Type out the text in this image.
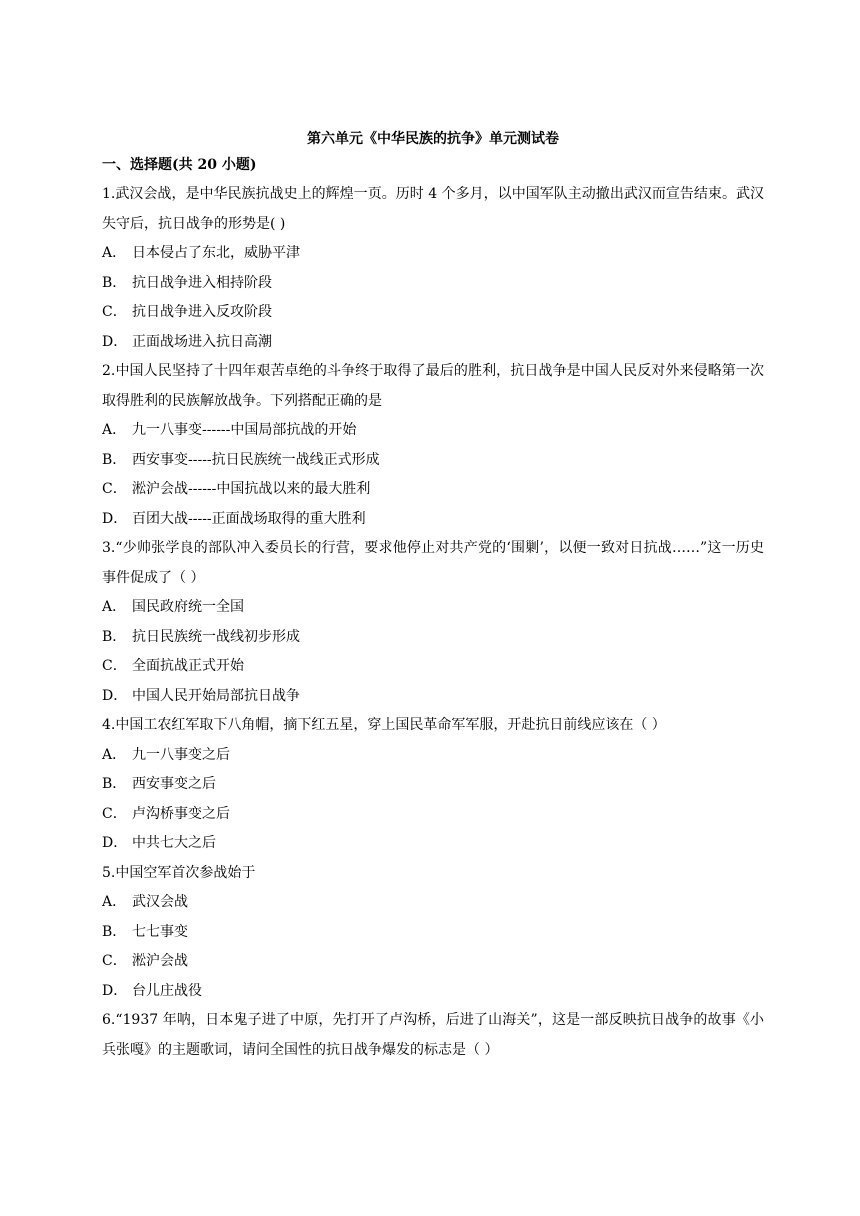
第六单元《中华民族的抗争》单元测试卷
一、选择题(共 20 小题)
1.武汉会战，是中华民族抗战史上的辉煌一页。历时 4 个多月，以中国军队主动撤出武汉而宣告结束。武汉失守后，抗日战争的形势是( )
A． 日本侵占了东北，威胁平津
B． 抗日战争进入相持阶段
C． 抗日战争进入反攻阶段
D． 正面战场进入抗日高潮
2.中国人民坚持了十四年艰苦卓绝的斗争终于取得了最后的胜利，抗日战争是中国人民反对外来侵略第一次取得胜利的民族解放战争。下列搭配正确的是
A． 九一八事变------中国局部抗战的开始
B． 西安事变-----抗日民族统一战线正式形成
C． 淞沪会战------中国抗战以来的最大胜利
D． 百团大战-----正面战场取得的重大胜利
3.“少帅张学良的部队冲入委员长的行营，要求他停止对共产党的‘围剿’，以便一致对日抗战……”这一历史事件促成了（ ）
A． 国民政府统一全国
B． 抗日民族统一战线初步形成
C． 全面抗战正式开始
D． 中国人民开始局部抗日战争
4.中国工农红军取下八角帽，摘下红五星，穿上国民革命军军服，开赴抗日前线应该在（ ）
A． 九一八事变之后
B． 西安事变之后
C． 卢沟桥事变之后
D． 中共七大之后
5.中国空军首次参战始于
A． 武汉会战
B． 七七事变
C． 淞沪会战
D． 台儿庄战役
6.“1937 年呐，日本鬼子进了中原，先打开了卢沟桥，后进了山海关”，这是一部反映抗日战争的故事《小兵张嘎》的主题歌词，请问全国性的抗日战争爆发的标志是（ ）
